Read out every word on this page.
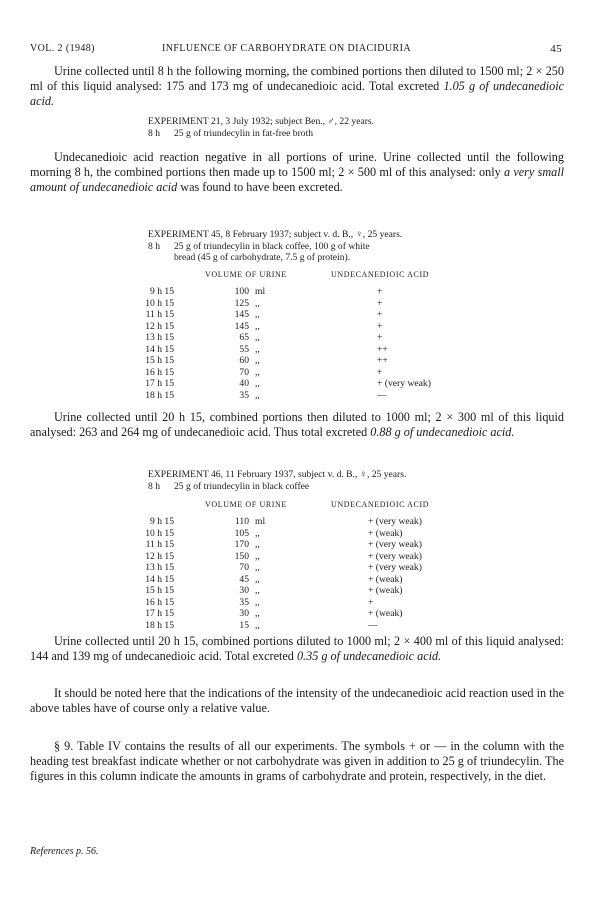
VOL. 2 (1948)	INFLUENCE OF CARBOHYDRATE ON DIACIDURIA	45

Urine collected until 8 h the following morning, the combined portions then diluted to 1500 ml; 2 × 250 ml of this liquid analysed: 175 and 173 mg of undecanedioic acid. Total excreted 1.05 g of undecanedioic acid.

EXPERIMENT 21, 3 July 1932; subject Ben., ♂, 22 years.
8 h 25 g of triundecylin in fat-free broth

Undecanedioic acid reaction negative in all portions of urine. Urine collected until the following morning 8 h, the combined portions then made up to 1500 ml; 2 × 500 ml of this analysed: only a very small amount of undecanedioic acid was found to have been excreted.

EXPERIMENT 45, 8 February 1937; subject v. d. B., ♀, 25 years.
8 h 25 g of triundecylin in black coffee, 100 g of white
bread (45 g of carbohydrate, 7.5 g of protein).
VOLUME OF URINE	UNDECANEDIOIC ACID
9 h 15	100 ml	+
10 h 15	125 ,,	+
11 h 15	145 ,,	+
12 h 15	145 ,,	+
13 h 15	65 ,,	+
14 h 15	55 ,,	++
15 h 15	60 ,,	++
16 h 15	70 ,,	+
17 h 15	40 ,,	+ (very weak)
18 h 15	35 ,,	—

Urine collected until 20 h 15, combined portions then diluted to 1000 ml; 2 × 300 ml of this liquid analysed: 263 and 264 mg of undecanedioic acid. Thus total excreted 0.88 g of undecanedioic acid.

EXPERIMENT 46, 11 February 1937, subject v. d. B., ♀, 25 years.
8 h 25 g of triundecylin in black coffee
VOLUME OF URINE	UNDECANEDIOIC ACID
9 h 15	110 ml	+ (very weak)
10 h 15	105 ,,	+ (weak)
11 h 15	170 ,,	+ (very weak)
12 h 15	150 ,,	+ (very weak)
13 h 15	70 ,,	+ (very weak)
14 h 15	45 ,,	+ (weak)
15 h 15	30 ,,	+ (weak)
16 h 15	35 ,,	+
17 h 15	30 ,,	+ (weak)
18 h 15	15 ,,	—

Urine collected until 20 h 15, combined portions diluted to 1000 ml; 2 × 400 ml of this liquid analysed: 144 and 139 mg of undecanedioic acid. Total excreted 0.35 g of undecanedioic acid.

It should be noted here that the indications of the intensity of the undecanedioic acid reaction used in the above tables have of course only a relative value.

§ 9. Table IV contains the results of all our experiments. The symbols + or — in the column with the heading test breakfast indicate whether or not carbohydrate was given in addition to 25 g of triundecylin. The figures in this column indicate the amounts in grams of carbohydrate and protein, respectively, in the diet.

References p. 56.
